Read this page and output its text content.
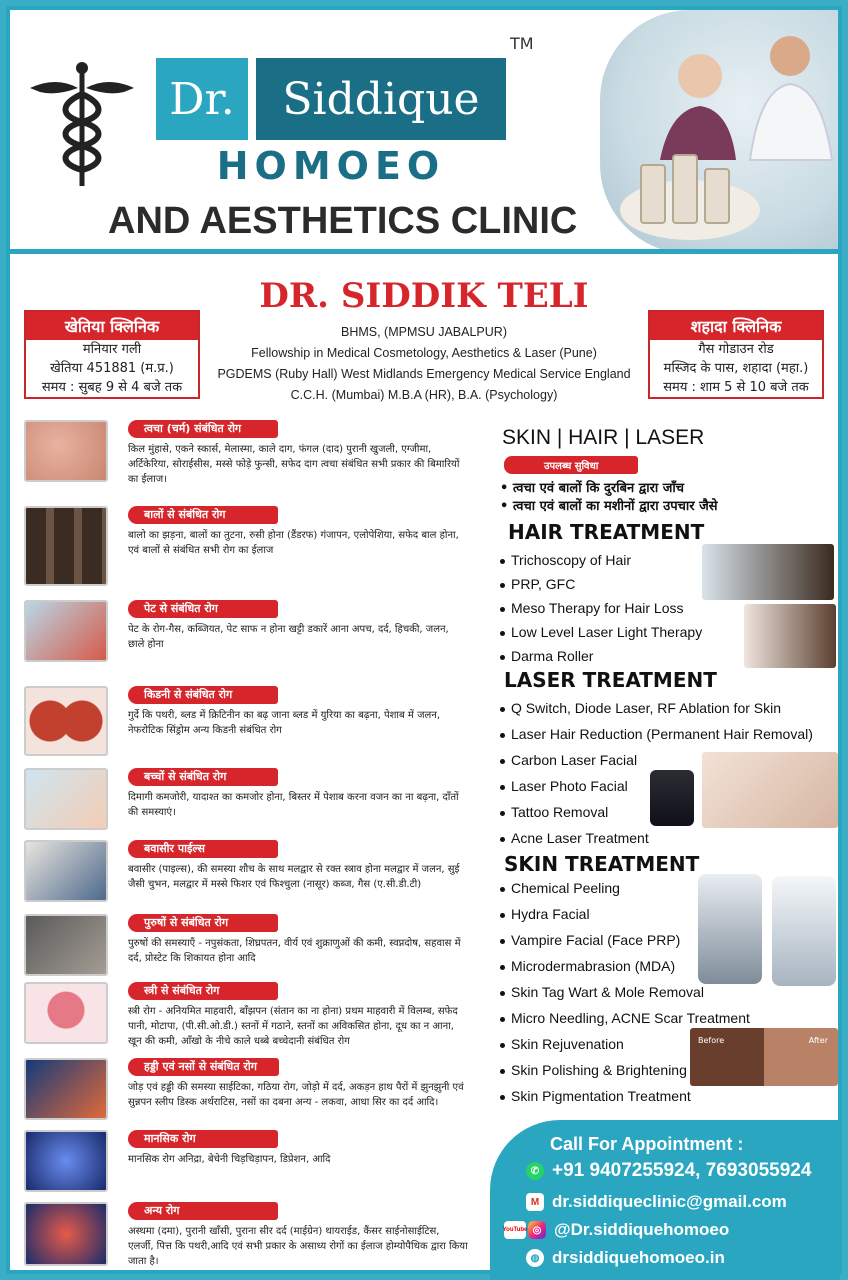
Dr.	Siddique
TM
HOMOEO
AND AESTHETICS CLINIC
DR. SIDDIK TELI
BHMS, (MPMSU JABALPUR)
Fellowship in Medical Cosmetology, Aesthetics & Laser (Pune)
PGDEMS (Ruby Hall) West Midlands Emergency Medical Service England
C.C.H. (Mumbai) M.B.A (HR), B.A. (Psychology)
खेतिया क्लिनिक
मनियार गली
खेतिया 451881 (म.प्र.)
समय : सुबह 9 से 4 बजे तक
शहादा क्लिनिक
गैस गोडाउन रोड
मस्जिद के पास, शहादा (महा.)
समय : शाम 5 से 10 बजे तक
त्वचा (चर्म) संबंधित रोग
किल मुंहासे, एकने स्कार्स, मेलास्मा, काले दाग, फंगल (दाद) पुरानी खुजली, एग्जीमा, अर्टिकेरिया, सोराईसीस, मस्से फोड़े फुन्सी, सफेद दाग त्वचा संबंधित सभी प्रकार की बिमारियों का ईलाज।
बालों से संबंधित रोग
बालो का झड़ना, बालों का तुटना, रुसी होना (डैंडरफ) गंजापन, एलोपेशिया, सफेद बाल होना, एवं बालों से संबंधित सभी रोग का ईलाज
पेट से संबंधित रोग
पेट के रोग-गैस, कब्जियत, पेट साफ न होना खट्टी डकारें आना अपच, दर्द, हिचकी, जलन, छाले होना
किडनी से संबंधित रोग
गुर्दे कि पथरी, ब्लड में क्रिटिनीन का बढ़ जाना ब्लड में युरिया का बढ़ना, पेशाब में जलन, नेफरोटिक सिंड्रोम अन्य किडनी संबंधित रोग
बच्चों से संबंधित रोग
दिमागी कमजोरी, यादाश्त का कमजोर होना, बिस्तर में पेशाब करना वजन का ना बढ़ना, दाँतों की समस्याएं।
बवासीर पाईल्स
बवासीर (पाइल्स), की समस्या शौच के साथ मलद्वार से रक्त स्त्राव होना मलद्वार में जलन, सुई जैसी चुभन, मलद्वार में मस्से फिशर एवं फिश्चुला (नासूर) कब्ज, गैस (ए.सी.डी.टी)
पुरुषों से संबंधित रोग
पुरुषों की समस्याएँ - नपुसंकता, शिघ्रपतन, वीर्य एवं शुक्राणुओं की कमी, स्वप्नदोष, सहवास में दर्द, प्रोस्टेट कि शिकायत होना आदि
स्त्री से संबंधित रोग
स्त्री रोग - अनियमित माहवारी, बाँझपन (संतान का ना होना) प्रथम माहवारी में विलम्ब, सफेद पानी, मोटापा, (पी.सी.ओ.डी.) स्तनों में गठाने, स्तनों का अविकसित होना, दूध का न आना, खून की कमी, आँखो के नीचे काले धब्बे बच्चेदानी संबंधित रोग
हड्डी एवं नसों से संबंधित रोग
जोड़ एवं हड्डी की समस्या साईटिका, गठिया रोग, जोड़ो में दर्द, अकड़न हाथ पैरों में झुनझुनी एवं सुन्नपन स्लीप डिस्क अर्थराटिस, नसों का दबना अन्य - लकवा, आधा सिर का दर्द आदि।
मानसिक रोग
मानसिक रोग अनिद्रा, बेचेनी चिड़चिड़ापन, डिप्रेशन, आदि
अन्य रोग
अस्थमा (दमा), पुरानी खाँसी, पुराना सीर दर्द (माईग्रेन) थायराईड, कैंसर साईनोसाईटिस, एलर्जी, पित्त कि पथरी,आदि एवं सभी प्रकार के असाध्य रोगों का ईलाज होम्योपैथिक द्वारा किया जाता है।
SKIN | HAIR | LASER
उपलब्ध सुविधा
• त्वचा एवं बालों कि दुरबिन द्वारा जाँच
• त्वचा एवं बालों का मशीनों द्वारा उपचार जैसे
HAIR TREATMENT
Trichoscopy of Hair
PRP, GFC
Meso Therapy for Hair Loss
Low Level Laser Light Therapy
Darma Roller
LASER TREATMENT
Q Switch, Diode Laser, RF Ablation for Skin
Laser Hair Reduction (Permanent Hair Removal)
Carbon Laser Facial
Laser Photo Facial
Tattoo Removal
Acne Laser Treatment
SKIN TREATMENT
Chemical Peeling
Hydra Facial
Vampire Facial (Face PRP)
Microdermabrasion (MDA)
Skin Tag Wart & Mole Removal
Micro Needling, ACNE Scar Treatment
Skin Rejuvenation
Skin Polishing & Brightening
Skin Pigmentation Treatment
Before	After
Call For Appointment :
✆ +91 9407255924, 7693055924
M dr.siddiqueclinic@gmail.com
YouTube ◎ @Dr.siddiquehomoeo
◍ drsiddiquehomoeo.in
